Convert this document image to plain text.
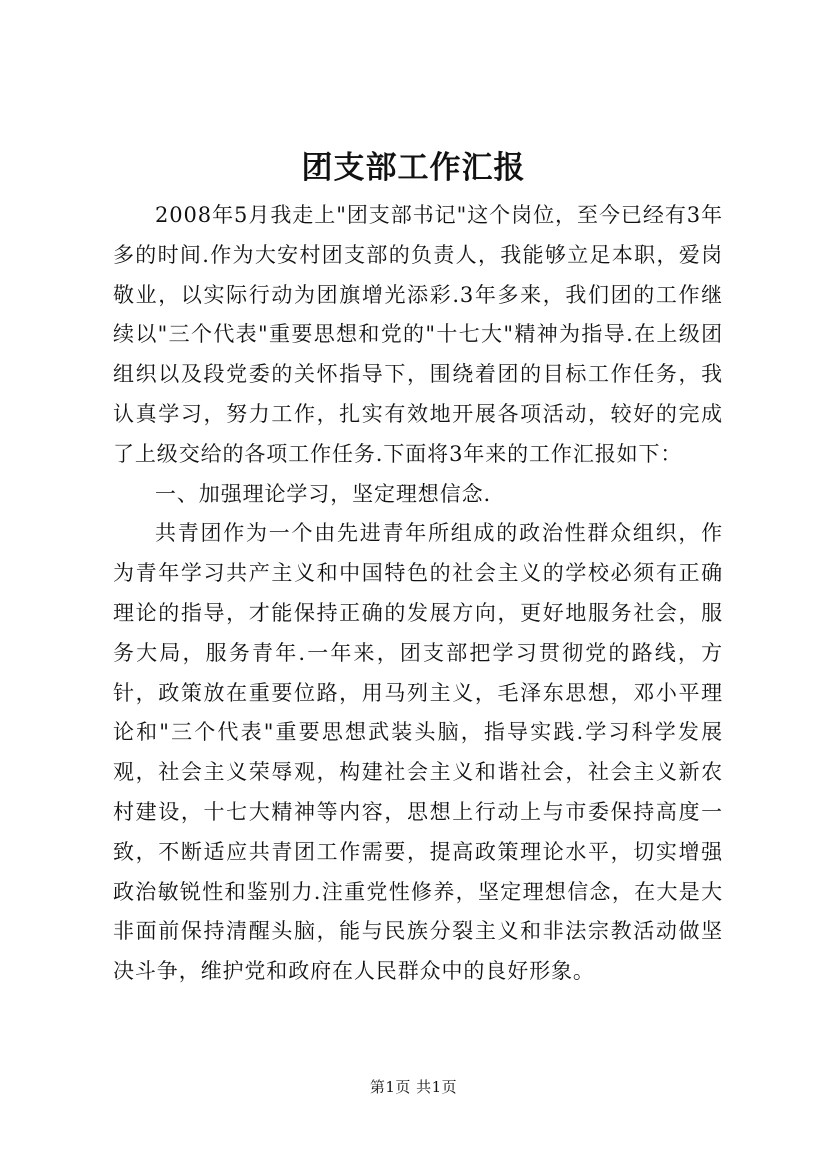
团支部工作汇报

2008年5月我走上"团支部书记"这个岗位，至今已经有3年多的时间.作为大安村团支部的负责人，我能够立足本职，爱岗敬业，以实际行动为团旗增光添彩.3年多来，我们团的工作继续以"三个代表"重要思想和党的"十七大"精神为指导.在上级团组织以及段党委的关怀指导下，围绕着团的目标工作任务，我认真学习，努力工作，扎实有效地开展各项活动，较好的完成了上级交给的各项工作任务.下面将3年来的工作汇报如下：

一、加强理论学习，坚定理想信念.

共青团作为一个由先进青年所组成的政治性群众组织，作为青年学习共产主义和中国特色的社会主义的学校必须有正确理论的指导，才能保持正确的发展方向，更好地服务社会，服务大局，服务青年.一年来，团支部把学习贯彻党的路线，方针，政策放在重要位路，用马列主义，毛泽东思想，邓小平理论和"三个代表"重要思想武装头脑，指导实践.学习科学发展观，社会主义荣辱观，构建社会主义和谐社会，社会主义新农村建设，十七大精神等内容，思想上行动上与市委保持高度一致，不断适应共青团工作需要，提高政策理论水平，切实增强政治敏锐性和鉴别力.注重党性修养，坚定理想信念，在大是大非面前保持清醒头脑，能与民族分裂主义和非法宗教活动做坚决斗争，维护党和政府在人民群众中的良好形象。

第1页 共1页
